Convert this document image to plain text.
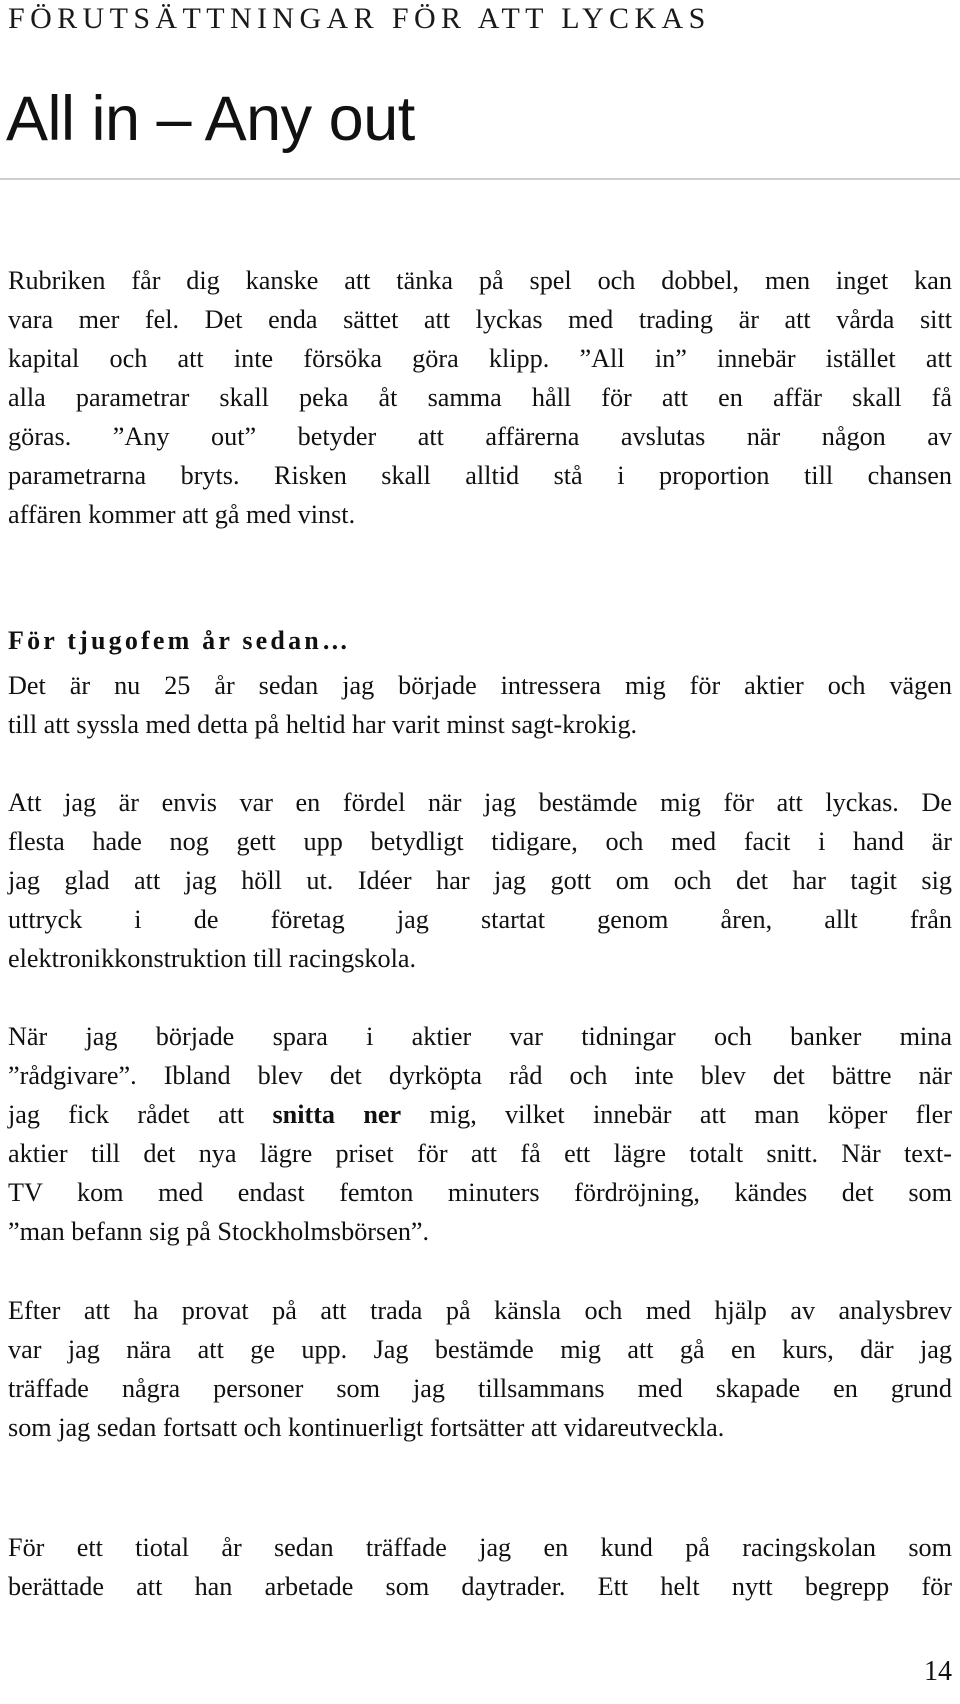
FÖRUTSÄTTNINGAR FÖR ATT LYCKAS
All in – Any out
Rubriken får dig kanske att tänka på spel och dobbel, men inget kan
vara mer fel. Det enda sättet att lyckas med trading är att vårda sitt
kapital och att inte försöka göra klipp. ”All in” innebär istället att
alla parametrar skall peka åt samma håll för att en affär skall få
göras. ”Any out” betyder att affärerna avslutas när någon av
parametrarna bryts. Risken skall alltid stå i proportion till chansen
affären kommer att gå med vinst.
För tjugofem år sedan…
Det är nu 25 år sedan jag började intressera mig för aktier och vägen
till att syssla med detta på heltid har varit minst sagt-krokig.
Att jag är envis var en fördel när jag bestämde mig för att lyckas. De
flesta hade nog gett upp betydligt tidigare, och med facit i hand är
jag glad att jag höll ut. Idéer har jag gott om och det har tagit sig
uttryck i de företag jag startat genom åren, allt från
elektronikkonstruktion till racingskola.
När jag började spara i aktier var tidningar och banker mina
”rådgivare”. Ibland blev det dyrköpta råd och inte blev det bättre när
jag fick rådet att snitta ner mig, vilket innebär att man köper fler
aktier till det nya lägre priset för att få ett lägre totalt snitt. När text-
TV kom med endast femton minuters fördröjning, kändes det som
”man befann sig på Stockholmsbörsen”.
Efter att ha provat på att trada på känsla och med hjälp av analysbrev
var jag nära att ge upp. Jag bestämde mig att gå en kurs, där jag
träffade några personer som jag tillsammans med skapade en grund
som jag sedan fortsatt och kontinuerligt fortsätter att vidareutveckla.
För ett tiotal år sedan träffade jag en kund på racingskolan som
berättade att han arbetade som daytrader. Ett helt nytt begrepp för
14
